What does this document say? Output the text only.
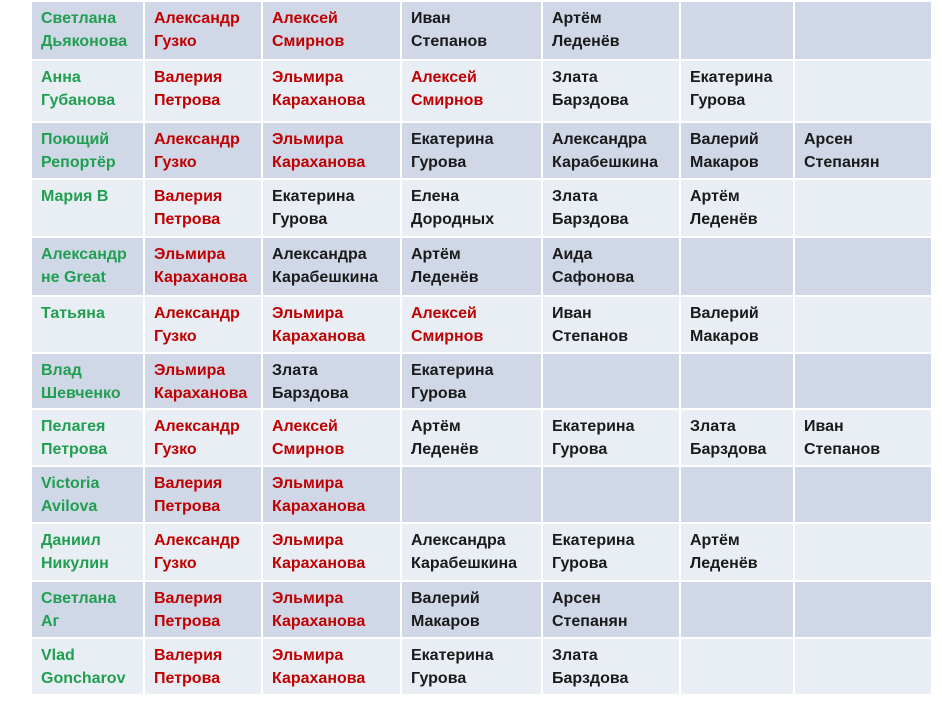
Светлана
Дьяконова	Александр
Гузко	Алексей
Смирнов	Иван
Степанов	Артём
Леденёв		

Анна
Губанова	Валерия
Петрова	Эльмира
Караханова	Алексей
Смирнов	Злата
Барздова	Екатерина
Гурова	

Поющий
Репортёр	Александр
Гузко	Эльмира
Караханова	Екатерина
Гурова	Александра
Карабешкина	Валерий
Макаров	Арсен
Степанян

Мария В	Валерия
Петрова	Екатерина
Гурова	Елена
Дородных	Злата
Барздова	Артём
Леденёв	

Александр
не Great	Эльмира
Караханова	Александра
Карабешкина	Артём
Леденёв	Аида
Сафонова		

Татьяна	Александр
Гузко	Эльмира
Караханова	Алексей
Смирнов	Иван
Степанов	Валерий
Макаров	

Влад
Шевченко	Эльмира
Караханова	Злата
Барздова	Екатерина
Гурова			

Пелагея
Петрова	Александр
Гузко	Алексей
Смирнов	Артём
Леденёв	Екатерина
Гурова	Злата
Барздова	Иван
Степанов

Victoria
Avilova	Валерия
Петрова	Эльмира
Караханова				

Даниил
Никулин	Александр
Гузко	Эльмира
Караханова	Александра
Карабешкина	Екатерина
Гурова	Артём
Леденёв	

Светлана
Аг	Валерия
Петрова	Эльмира
Караханова	Валерий
Макаров	Арсен
Степанян		

Vlad
Goncharov	Валерия
Петрова	Эльмира
Караханова	Екатерина
Гурова	Злата
Барздова		
